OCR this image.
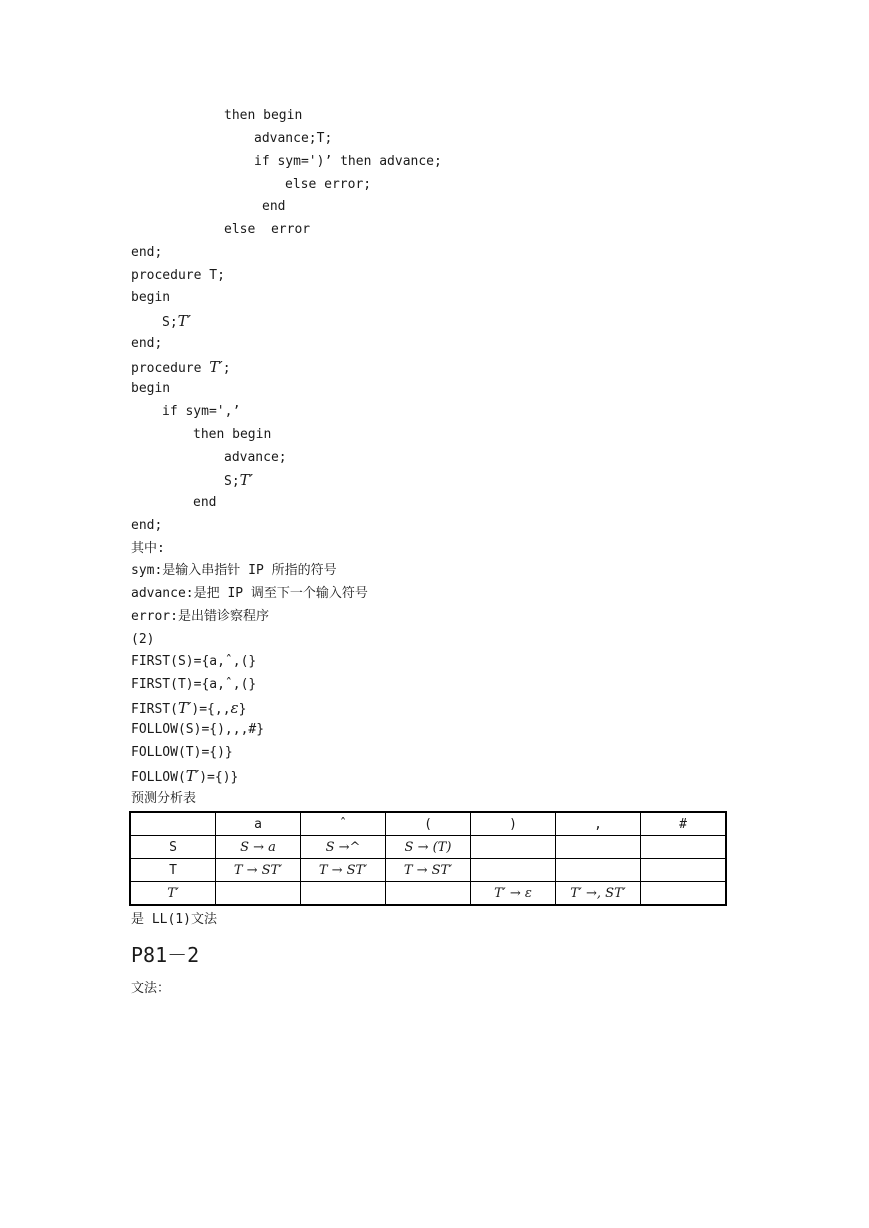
then begin
advance;T;
if sym=')’ then advance;
else error;
end
else  error
end;
procedure T;
begin
S;T′
end;
procedure T′;
begin
if sym=',’
then begin
advance;
S;T′
end
end;
其中:
sym:是输入串指针 IP 所指的符号
advance:是把 IP 调至下一个输入符号
error:是出错诊察程序
(2)
FIRST(S)={a,ˆ,(}
FIRST(T)={a,ˆ,(}
FIRST(T′)={,,ε}
FOLLOW(S)={),,,#}
FOLLOW(T)={)}
FOLLOW(T′)={)}
预测分析表
	a	ˆ	(	)	,	#
S	S → a	S →^	S → (T)			
T	T → ST′	T → ST′	T → ST′			
T′				T′ → ε	T′ →, ST′	
是 LL(1)文法
P81－2
文法：
